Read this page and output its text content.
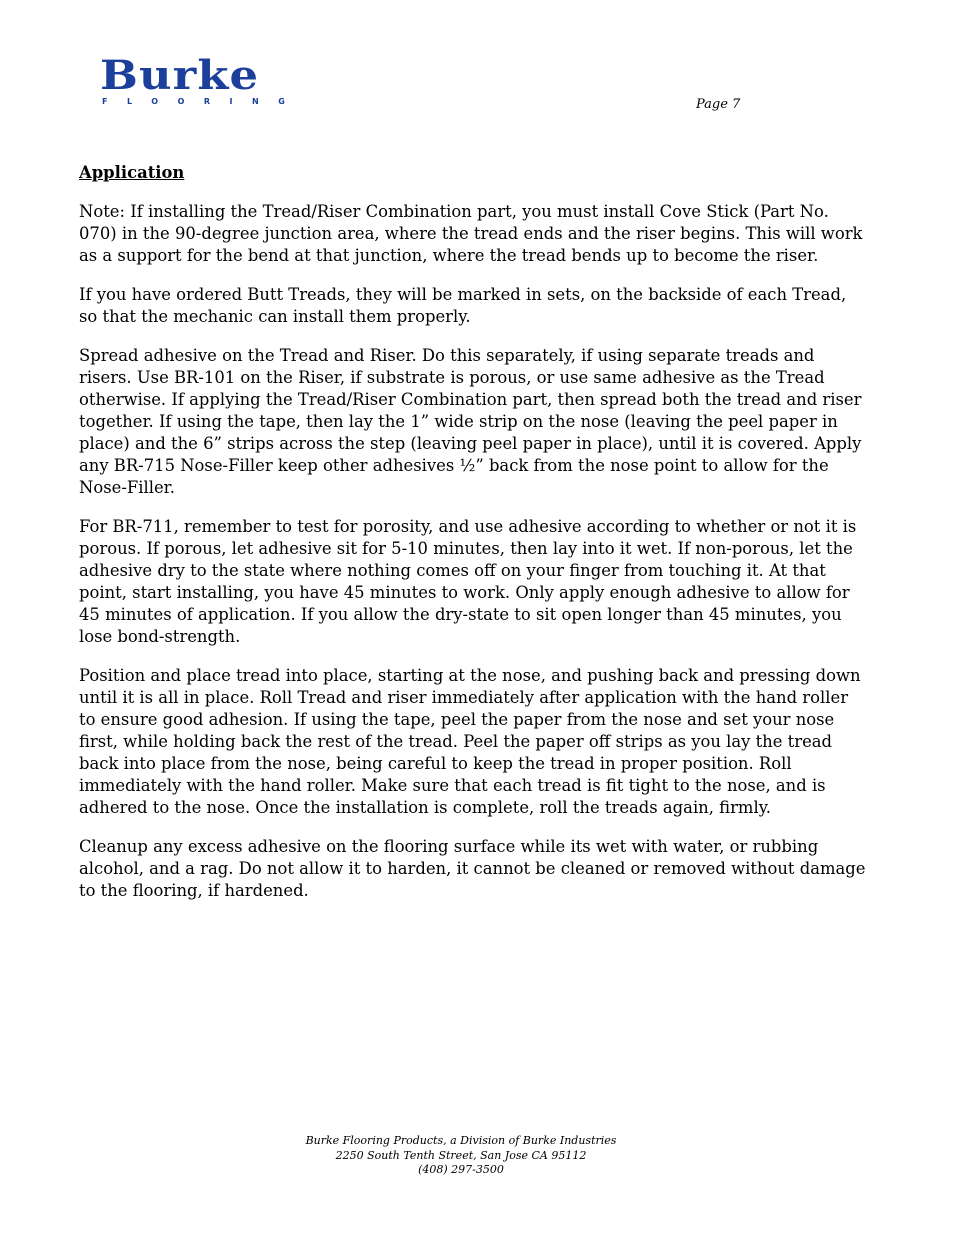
Burke
FLOORING	Page 7
Application

Note: If installing the Tread/Riser Combination part, you must install Cove Stick (Part No. 070) in the 90-degree junction area, where the tread ends and the riser begins. This will work as a support for the bend at that junction, where the tread bends up to become the riser.

If you have ordered Butt Treads, they will be marked in sets, on the backside of each Tread, so that the mechanic can install them properly.

Spread adhesive on the Tread and Riser. Do this separately, if using separate treads and risers. Use BR-101 on the Riser, if substrate is porous, or use same adhesive as the Tread otherwise. If applying the Tread/Riser Combination part, then spread both the tread and riser together. If using the tape, then lay the 1” wide strip on the nose (leaving the peel paper in place) and the 6” strips across the step (leaving peel paper in place), until it is covered. Apply any BR-715 Nose-Filler keep other adhesives ½” back from the nose point to allow for the Nose-Filler.

For BR-711, remember to test for porosity, and use adhesive according to whether or not it is porous. If porous, let adhesive sit for 5-10 minutes, then lay into it wet. If non-porous, let the adhesive dry to the state where nothing comes off on your finger from touching it. At that point, start installing, you have 45 minutes to work. Only apply enough adhesive to allow for 45 minutes of application. If you allow the dry-state to sit open longer than 45 minutes, you lose bond-strength.

Position and place tread into place, starting at the nose, and pushing back and pressing down until it is all in place. Roll Tread and riser immediately after application with the hand roller to ensure good adhesion. If using the tape, peel the paper from the nose and set your nose first, while holding back the rest of the tread. Peel the paper off strips as you lay the tread back into place from the nose, being careful to keep the tread in proper position. Roll immediately with the hand roller. Make sure that each tread is fit tight to the nose, and is adhered to the nose. Once the installation is complete, roll the treads again, firmly.

Cleanup any excess adhesive on the flooring surface while its wet with water, or rubbing alcohol, and a rag. Do not allow it to harden, it cannot be cleaned or removed without damage to the flooring, if hardened.

Burke Flooring Products, a Division of Burke Industries
2250 South Tenth Street, San Jose CA 95112
(408) 297-3500
